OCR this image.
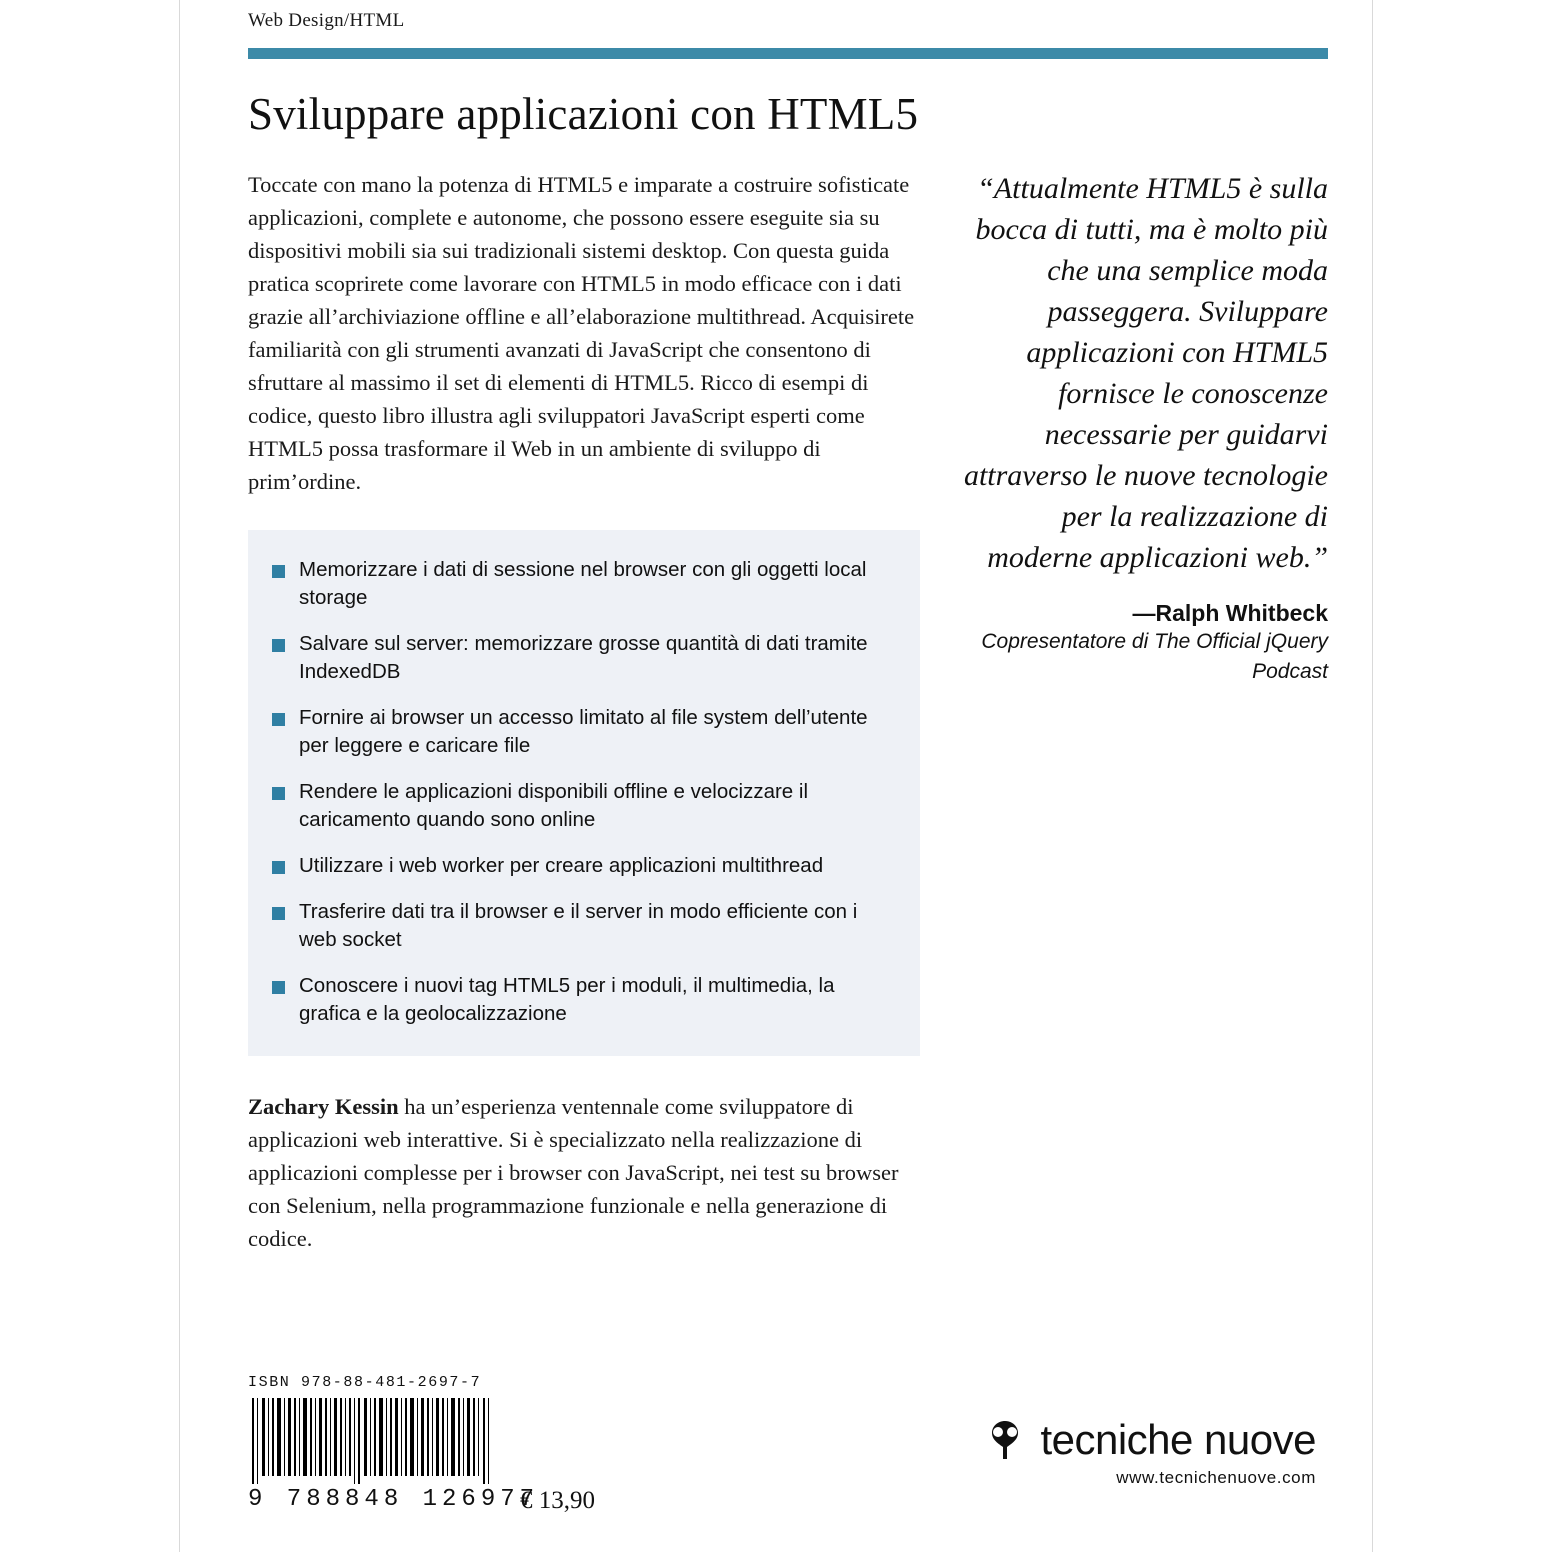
Web Design/HTML
Sviluppare applicazioni con HTML5

Toccate con mano la potenza di HTML5 e imparate a costruire sofisticate applicazioni, complete e autonome, che possono essere eseguite sia su dispositivi mobili sia sui tradizionali sistemi desktop. Con questa guida pratica scoprirete come lavorare con HTML5 in modo efficace con i dati grazie all’archiviazione offline e all’elaborazione multithread. Acquisirete familiarità con gli strumenti avanzati di JavaScript che consentono di sfruttare al massimo il set di elementi di HTML5. Ricco di esempi di codice, questo libro illustra agli sviluppatori JavaScript esperti come HTML5 possa trasformare il Web in un ambiente di sviluppo di prim’ordine.

Memorizzare i dati di sessione nel browser con gli oggetti local storage
Salvare sul server: memorizzare grosse quantità di dati tramite IndexedDB
Fornire ai browser un accesso limitato al file system dell’utente per leggere e caricare file
Rendere le applicazioni disponibili offline e velocizzare il caricamento quando sono online
Utilizzare i web worker per creare applicazioni multithread
Trasferire dati tra il browser e il server in modo efficiente con i web socket
Conoscere i nuovi tag HTML5 per i moduli, il multimedia, la grafica e la geolocalizzazione

Zachary Kessin ha un’esperienza ventennale come sviluppatore di applicazioni web interattive. Si è specializzato nella realizzazione di applicazioni complesse per i browser con JavaScript, nei test su browser con Selenium, nella programmazione funzionale e nella generazione di codice.

“Attualmente HTML5 è sulla bocca di tutti, ma è molto più che una semplice moda passeggera. Sviluppare applicazioni con HTML5 fornisce le conoscenze necessarie per guidarvi attraverso le nuove tecnologie per la realizzazione di moderne applicazioni web.”

—Ralph Whitbeck
Copresentatore di The Official jQuery Podcast
ISBN 978-88-481-2697-7
9 788848 126977
€ 13,90
tecniche nuove
www.tecnichenuove.com
